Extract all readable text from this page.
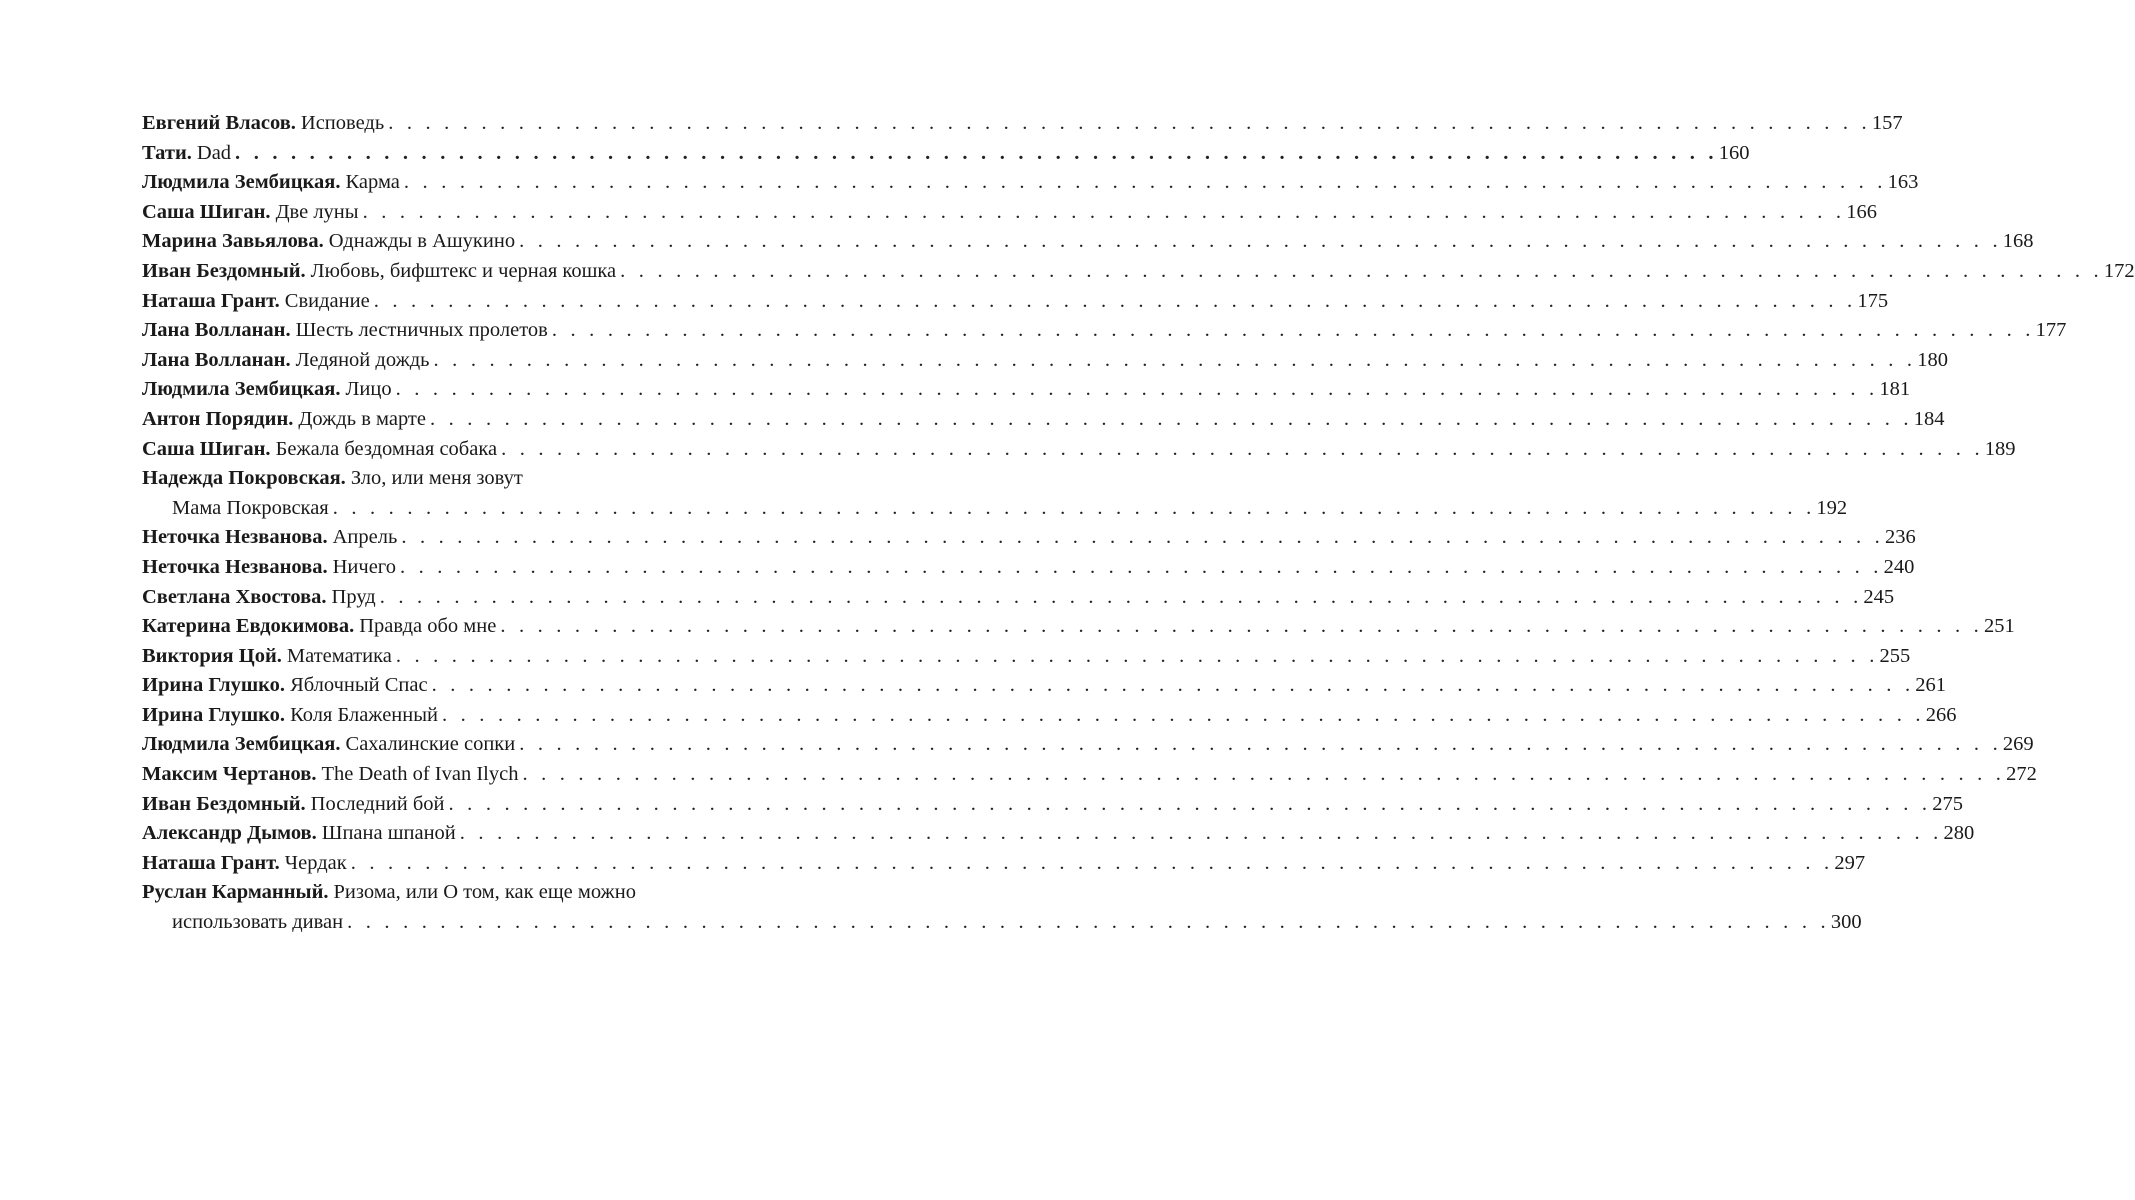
Евгений Власов. Исповедь . . . . . . . . . . . . . . . . . . . . . . . . . . . . . . . . . . . . . . . . . . . . . . . . . . . . . . . . . . . . . . . . . . . . . . . . . . . . . . . . 157
Тати. Dad . . . . . . . . . . . . . . . . . . . . . . . . . . . . . . . . . . . . . . . . . . . . . . . . . . . . . . . . . . . . . . . . . . . . . . . . . . . . . . . . 160
Людмила Зембицкая. Карма . . . . . . . . . . . . . . . . . . . . . . . . . . . . . . . . . . . . . . . . . . . . . . . . . . . . . . . . . . . . . . . . . . . . . . . . . . . . . . . . 163
Саша Шиган. Две луны . . . . . . . . . . . . . . . . . . . . . . . . . . . . . . . . . . . . . . . . . . . . . . . . . . . . . . . . . . . . . . . . . . . . . . . . . . . . . . . . 166
Марина Завьялова. Однажды в Ашукино . . . . . . . . . . . . . . . . . . . . . . . . . . . . . . . . . . . . . . . . . . . . . . . . . . . . . . . . . . . . . . . . . . . . . . . . . . . . . . . . 168
Иван Бездомный. Любовь, бифштекс и черная кошка . . . . . . . . . . . . . . . . . . . . . . . . . . . . . . . . . . . . . . . . . . . . . . . . . . . . . . . . . . . . . . . . . . . . . . . . . . . . . . . . 172
Наташа Грант. Свидание . . . . . . . . . . . . . . . . . . . . . . . . . . . . . . . . . . . . . . . . . . . . . . . . . . . . . . . . . . . . . . . . . . . . . . . . . . . . . . . . 175
Лана Волланан. Шесть лестничных пролетов . . . . . . . . . . . . . . . . . . . . . . . . . . . . . . . . . . . . . . . . . . . . . . . . . . . . . . . . . . . . . . . . . . . . . . . . . . . . . . . . 177
Лана Волланан. Ледяной дождь . . . . . . . . . . . . . . . . . . . . . . . . . . . . . . . . . . . . . . . . . . . . . . . . . . . . . . . . . . . . . . . . . . . . . . . . . . . . . . . . 180
Людмила Зембицкая. Лицо . . . . . . . . . . . . . . . . . . . . . . . . . . . . . . . . . . . . . . . . . . . . . . . . . . . . . . . . . . . . . . . . . . . . . . . . . . . . . . . . 181
Антон Порядин. Дождь в марте . . . . . . . . . . . . . . . . . . . . . . . . . . . . . . . . . . . . . . . . . . . . . . . . . . . . . . . . . . . . . . . . . . . . . . . . . . . . . . . . 184
Саша Шиган. Бежала бездомная собака . . . . . . . . . . . . . . . . . . . . . . . . . . . . . . . . . . . . . . . . . . . . . . . . . . . . . . . . . . . . . . . . . . . . . . . . . . . . . . . . 189
Надежда Покровская. Зло, или меня зовут
Мама Покровская . . . . . . . . . . . . . . . . . . . . . . . . . . . . . . . . . . . . . . . . . . . . . . . . . . . . . . . . . . . . . . . . . . . . . . . . . . . . . . . . 192
Неточка Незванова. Апрель . . . . . . . . . . . . . . . . . . . . . . . . . . . . . . . . . . . . . . . . . . . . . . . . . . . . . . . . . . . . . . . . . . . . . . . . . . . . . . . . 236
Неточка Незванова. Ничего . . . . . . . . . . . . . . . . . . . . . . . . . . . . . . . . . . . . . . . . . . . . . . . . . . . . . . . . . . . . . . . . . . . . . . . . . . . . . . . . 240
Светлана Хвостова. Пруд . . . . . . . . . . . . . . . . . . . . . . . . . . . . . . . . . . . . . . . . . . . . . . . . . . . . . . . . . . . . . . . . . . . . . . . . . . . . . . . . 245
Катерина Евдокимова. Правда обо мне . . . . . . . . . . . . . . . . . . . . . . . . . . . . . . . . . . . . . . . . . . . . . . . . . . . . . . . . . . . . . . . . . . . . . . . . . . . . . . . . 251
Виктория Цой. Математика . . . . . . . . . . . . . . . . . . . . . . . . . . . . . . . . . . . . . . . . . . . . . . . . . . . . . . . . . . . . . . . . . . . . . . . . . . . . . . . . 255
Ирина Глушко. Яблочный Спас . . . . . . . . . . . . . . . . . . . . . . . . . . . . . . . . . . . . . . . . . . . . . . . . . . . . . . . . . . . . . . . . . . . . . . . . . . . . . . . . 261
Ирина Глушко. Коля Блаженный . . . . . . . . . . . . . . . . . . . . . . . . . . . . . . . . . . . . . . . . . . . . . . . . . . . . . . . . . . . . . . . . . . . . . . . . . . . . . . . . 266
Людмила Зембицкая. Сахалинские сопки . . . . . . . . . . . . . . . . . . . . . . . . . . . . . . . . . . . . . . . . . . . . . . . . . . . . . . . . . . . . . . . . . . . . . . . . . . . . . . . . 269
Максим Чертанов. The Death of Ivan Ilych . . . . . . . . . . . . . . . . . . . . . . . . . . . . . . . . . . . . . . . . . . . . . . . . . . . . . . . . . . . . . . . . . . . . . . . . . . . . . . . . 272
Иван Бездомный. Последний бой . . . . . . . . . . . . . . . . . . . . . . . . . . . . . . . . . . . . . . . . . . . . . . . . . . . . . . . . . . . . . . . . . . . . . . . . . . . . . . . . 275
Александр Дымов. Шпана шпаной . . . . . . . . . . . . . . . . . . . . . . . . . . . . . . . . . . . . . . . . . . . . . . . . . . . . . . . . . . . . . . . . . . . . . . . . . . . . . . . . 280
Наташа Грант. Чердак . . . . . . . . . . . . . . . . . . . . . . . . . . . . . . . . . . . . . . . . . . . . . . . . . . . . . . . . . . . . . . . . . . . . . . . . . . . . . . . . 297
Руслан Карманный. Ризома, или О том, как еще можно
использовать диван . . . . . . . . . . . . . . . . . . . . . . . . . . . . . . . . . . . . . . . . . . . . . . . . . . . . . . . . . . . . . . . . . . . . . . . . . . . . . . . . 300
